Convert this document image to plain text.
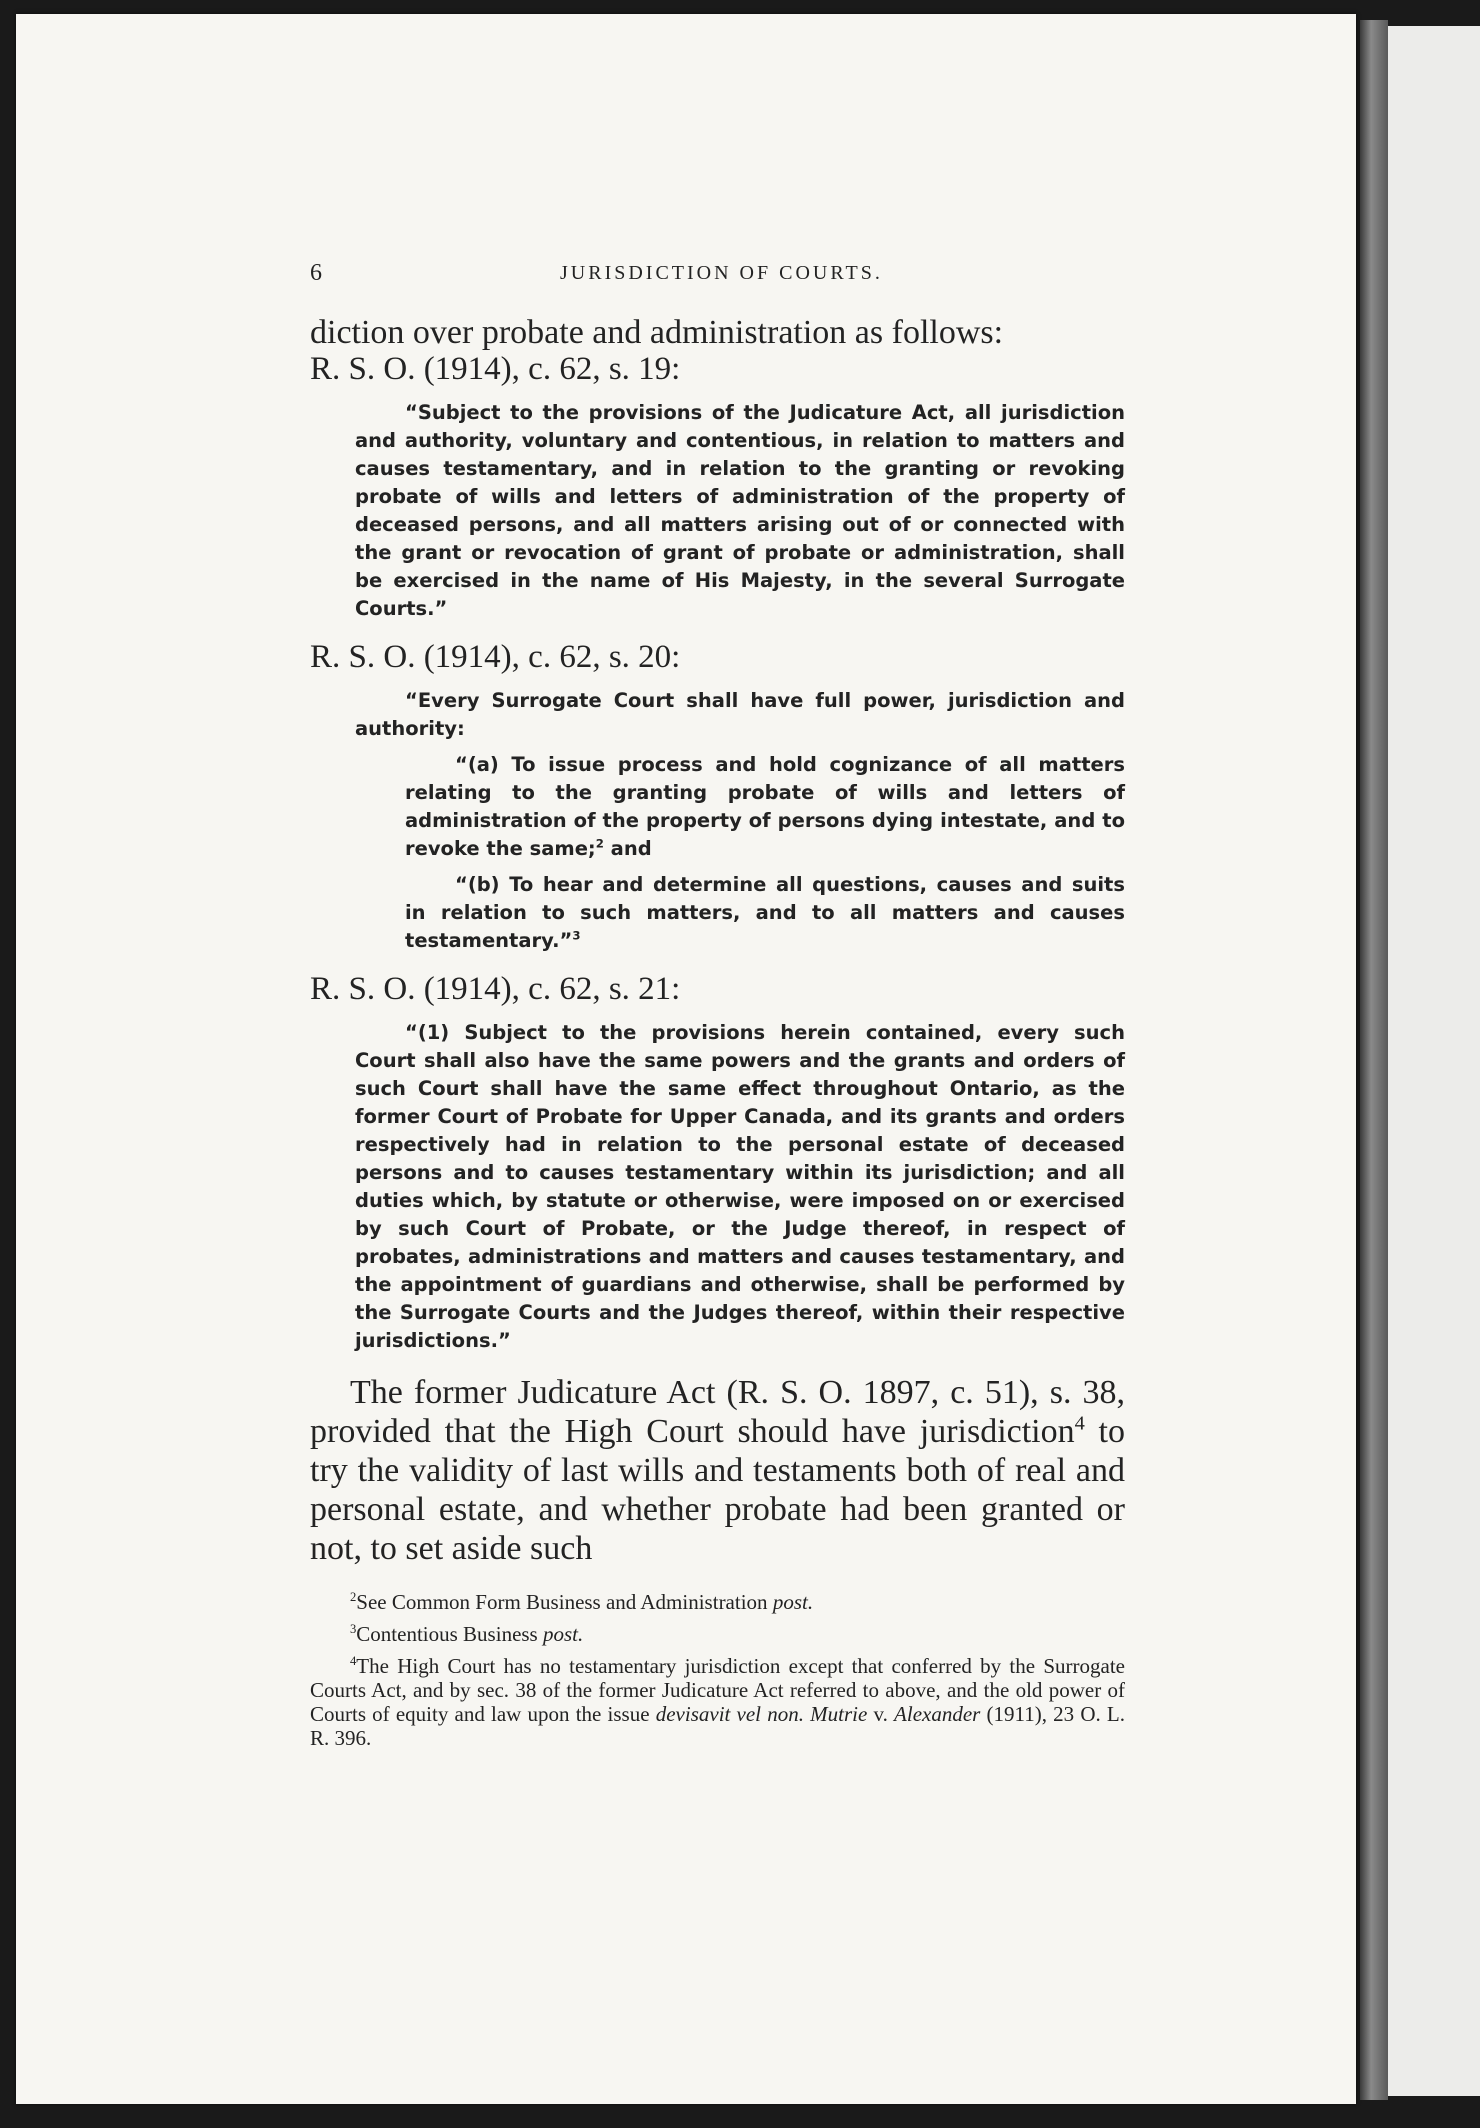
6	JURISDICTION OF COURTS.

diction over probate and administration as follows:

R. S. O. (1914), c. 62, s. 19:

“Subject to the provisions of the Judicature Act, all jurisdiction and authority, voluntary and contentious, in relation to matters and causes testamentary, and in relation to the granting or revoking probate of wills and letters of administration of the property of deceased persons, and all matters arising out of or connected with the grant or revocation of grant of probate or administration, shall be exercised in the name of His Majesty, in the several Surrogate Courts.”

R. S. O. (1914), c. 62, s. 20:

“Every Surrogate Court shall have full power, jurisdiction and authority:

“(a) To issue process and hold cognizance of all matters relating to the granting probate of wills and letters of administration of the property of persons dying intestate, and to revoke the same;$^2$ and

“(b) To hear and determine all questions, causes and suits in relation to such matters, and to all matters and causes testamentary.”$^3$

R. S. O. (1914), c. 62, s. 21:

“(1) Subject to the provisions herein contained, every such Court shall also have the same powers and the grants and orders of such Court shall have the same effect throughout Ontario, as the former Court of Probate for Upper Canada, and its grants and orders respectively had in relation to the personal estate of deceased persons and to causes testamentary within its jurisdiction; and all duties which, by statute or otherwise, were imposed on or exercised by such Court of Probate, or the Judge thereof, in respect of probates, administrations and matters and causes testamentary, and the appointment of guardians and otherwise, shall be performed by the Surrogate Courts and the Judges thereof, within their respective jurisdictions.”

The former Judicature Act (R. S. O. 1897, c. 51), s. 38, provided that the High Court should have jurisdiction$^4$ to try the validity of last wills and testaments both of real and personal estate, and whether probate had been granted or not, to set aside such

$^2$See Common Form Business and Administration post.

$^3$Contentious Business post.

$^4$The High Court has no testamentary jurisdiction except that conferred by the Surrogate Courts Act, and by sec. 38 of the former Judicature Act referred to above, and the old power of Courts of equity and law upon the issue devisavit vel non. Mutrie v. Alexander (1911), 23 O. L. R. 396.
